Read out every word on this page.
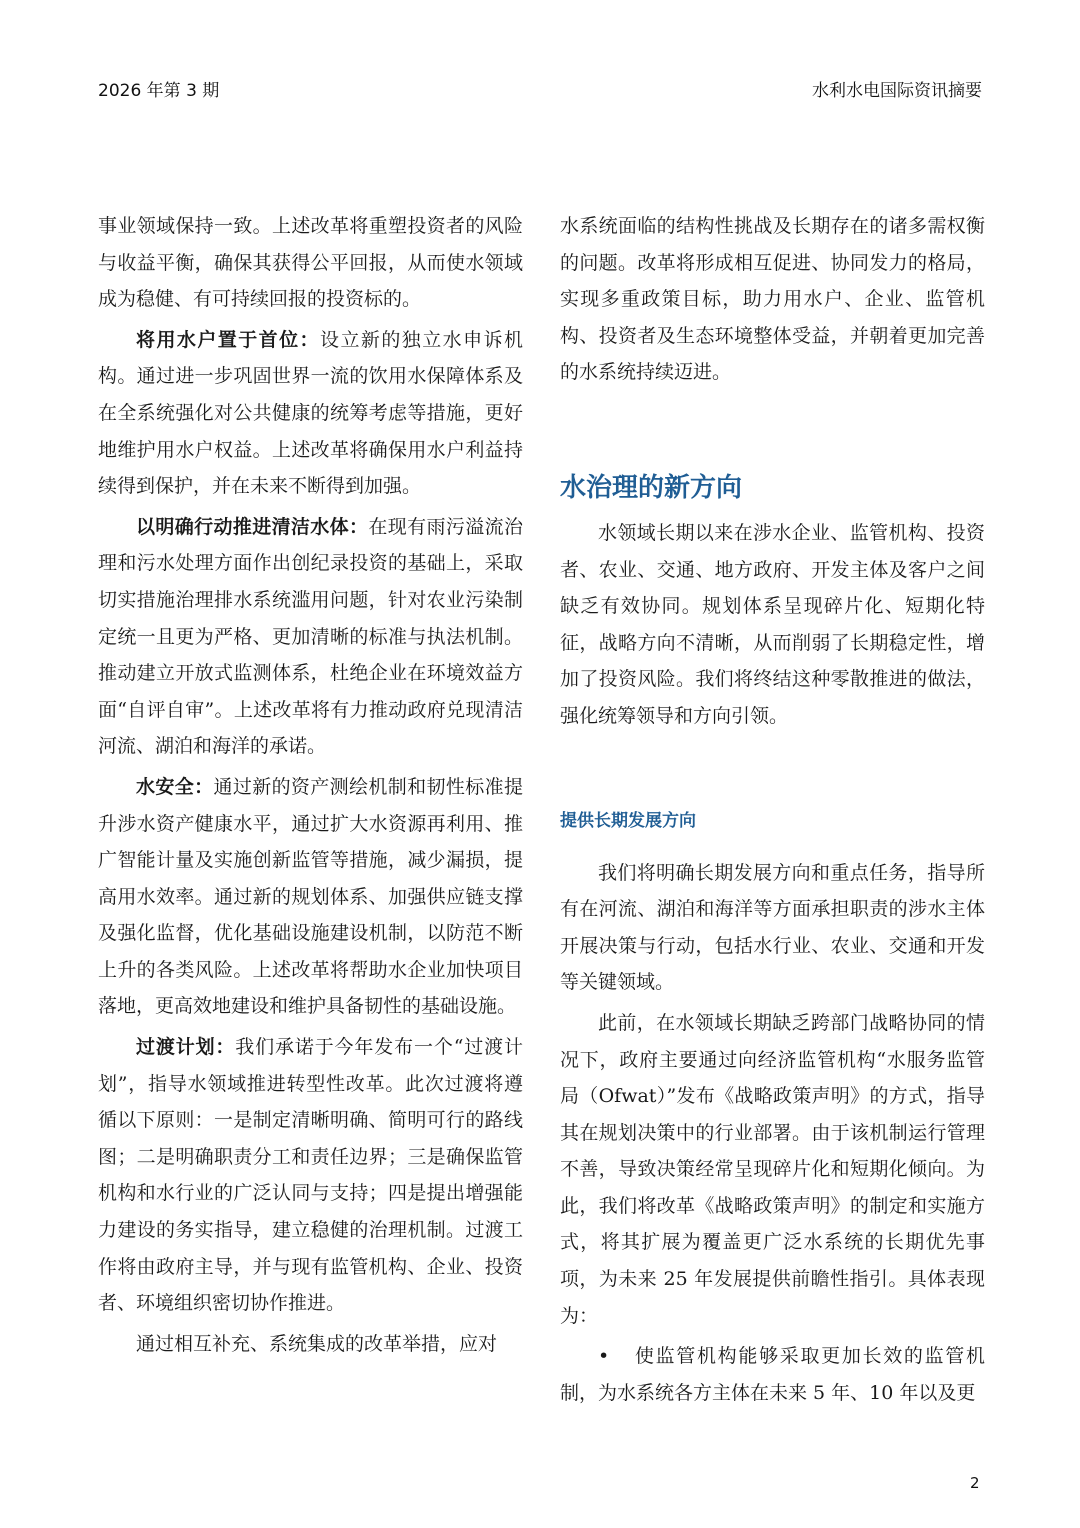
2026 年第 3 期	水利水电国际资讯摘要

事业领域保持一致。上述改革将重塑投资者的风险与收益平衡，确保其获得公平回报，从而使水领域成为稳健、有可持续回报的投资标的。

将用水户置于首位：设立新的独立水申诉机构。通过进一步巩固世界一流的饮用水保障体系及在全系统强化对公共健康的统筹考虑等措施，更好地维护用水户权益。上述改革将确保用水户利益持续得到保护，并在未来不断得到加强。

以明确行动推进清洁水体：在现有雨污溢流治理和污水处理方面作出创纪录投资的基础上，采取切实措施治理排水系统滥用问题，针对农业污染制定统一且更为严格、更加清晰的标准与执法机制。推动建立开放式监测体系，杜绝企业在环境效益方面“自评自审”。上述改革将有力推动政府兑现清洁河流、湖泊和海洋的承诺。

水安全：通过新的资产测绘机制和韧性标准提升涉水资产健康水平，通过扩大水资源再利用、推广智能计量及实施创新监管等措施，减少漏损，提高用水效率。通过新的规划体系、加强供应链支撑及强化监督，优化基础设施建设机制，以防范不断上升的各类风险。上述改革将帮助水企业加快项目落地，更高效地建设和维护具备韧性的基础设施。

过渡计划：我们承诺于今年发布一个“过渡计划”，指导水领域推进转型性改革。此次过渡将遵循以下原则：一是制定清晰明确、简明可行的路线图；二是明确职责分工和责任边界；三是确保监管机构和水行业的广泛认同与支持；四是提出增强能力建设的务实指导，建立稳健的治理机制。过渡工作将由政府主导，并与现有监管机构、企业、投资者、环境组织密切协作推进。

通过相互补充、系统集成的改革举措，应对

水系统面临的结构性挑战及长期存在的诸多需权衡的问题。改革将形成相互促进、协同发力的格局，实现多重政策目标，助力用水户、企业、监管机构、投资者及生态环境整体受益，并朝着更加完善的水系统持续迈进。

水治理的新方向

水领域长期以来在涉水企业、监管机构、投资者、农业、交通、地方政府、开发主体及客户之间缺乏有效协同。规划体系呈现碎片化、短期化特征，战略方向不清晰，从而削弱了长期稳定性，增加了投资风险。我们将终结这种零散推进的做法，强化统筹领导和方向引领。

提供长期发展方向

我们将明确长期发展方向和重点任务，指导所有在河流、湖泊和海洋等方面承担职责的涉水主体开展决策与行动，包括水行业、农业、交通和开发等关键领域。

此前，在水领域长期缺乏跨部门战略协同的情况下，政府主要通过向经济监管机构“水服务监管局（Ofwat）”发布《战略政策声明》的方式，指导其在规划决策中的行业部署。由于该机制运行管理不善，导致决策经常呈现碎片化和短期化倾向。为此，我们将改革《战略政策声明》的制定和实施方式，将其扩展为覆盖更广泛水系统的长期优先事项，为未来 25 年发展提供前瞻性指引。具体表现为：

• 使监管机构能够采取更加长效的监管机制，为水系统各方主体在未来 5 年、10 年以及更

2
